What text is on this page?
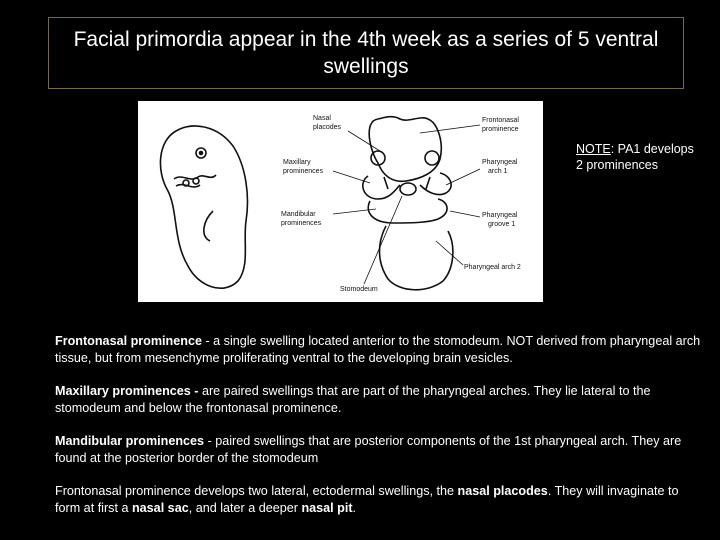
Facial primordia appear in the 4th week as a series of 5 ventral swellings
Nasal
placodes
Maxillary
prominences
Mandibular
prominences
Stomodeum
Frontonasal
prominence
Pharyngeal
arch 1
Pharyngeal
groove 1
Pharyngeal arch 2
NOTE: PA1 develops 2 prominences

Frontonasal prominence - a single swelling located anterior to the stomodeum. NOT derived from pharyngeal arch tissue, but from mesenchyme proliferating ventral to the developing brain vesicles.

Maxillary prominences - are paired swellings that are part of the pharyngeal arches. They lie lateral to the stomodeum and below the frontonasal prominence.

Mandibular prominences - paired swellings that are posterior components of the 1st pharyngeal arch. They are found at the posterior border of the stomodeum

Frontonasal prominence develops two lateral, ectodermal swellings, the nasal placodes. They will invaginate to form at first a nasal sac, and later a deeper nasal pit.
